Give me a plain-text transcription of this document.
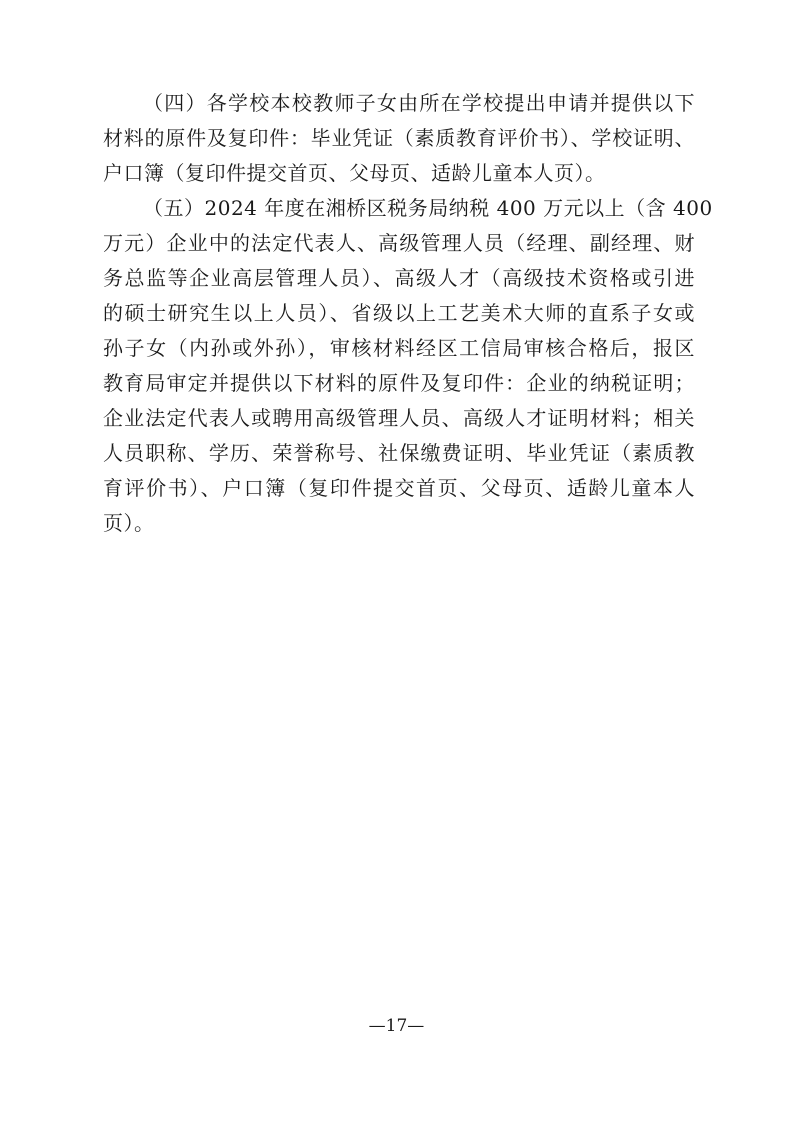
（四）各学校本校教师子女由所在学校提出申请并提供以下
材料的原件及复印件：毕业凭证（素质教育评价书）、学校证明、
户口簿（复印件提交首页、父母页、适龄儿童本人页）。
（五）2024 年度在湘桥区税务局纳税 400 万元以上（含 400
万元）企业中的法定代表人、高级管理人员（经理、副经理、财
务总监等企业高层管理人员）、高级人才（高级技术资格或引进
的硕士研究生以上人员）、省级以上工艺美术大师的直系子女或
孙子女（内孙或外孙），审核材料经区工信局审核合格后，报区
教育局审定并提供以下材料的原件及复印件：企业的纳税证明；
企业法定代表人或聘用高级管理人员、高级人才证明材料；相关
人员职称、学历、荣誉称号、社保缴费证明、毕业凭证（素质教
育评价书）、户口簿（复印件提交首页、父母页、适龄儿童本人
页）。
—17—
